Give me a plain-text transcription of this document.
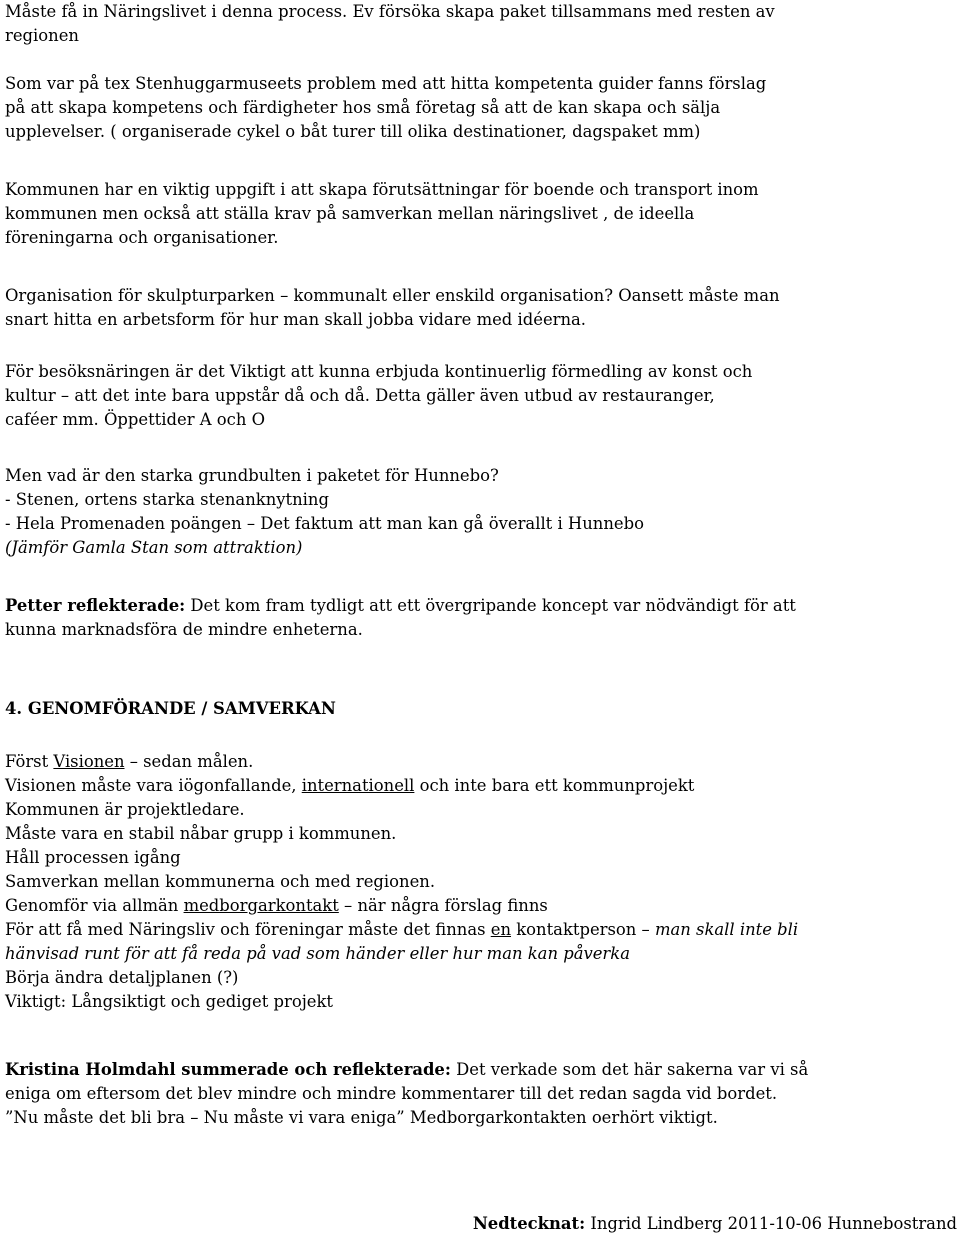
Måste få in Näringslivet i denna process. Ev försöka skapa paket tillsammans med resten av
regionen
Som var på tex Stenhuggarmuseets problem med att hitta kompetenta guider fanns förslag
på att skapa kompetens och färdigheter hos små företag så att de kan skapa och sälja
upplevelser. ( organiserade cykel o båt turer till olika destinationer, dagspaket mm)
Kommunen har en viktig uppgift i att skapa förutsättningar för boende och transport inom
kommunen men också att ställa krav på samverkan mellan näringslivet , de ideella
föreningarna och organisationer.
Organisation för skulpturparken – kommunalt eller enskild organisation? Oansett måste man
snart hitta en arbetsform för hur man skall jobba vidare med idéerna.
För besöksnäringen är det Viktigt att kunna erbjuda kontinuerlig förmedling av konst och
kultur – att det inte bara uppstår då och då. Detta gäller även utbud av restauranger,
caféer mm. Öppettider A och O
Men vad är den starka grundbulten i paketet för Hunnebo?
- Stenen, ortens starka stenanknytning
- Hela Promenaden poängen – Det faktum att man kan gå överallt i Hunnebo
(Jämför Gamla Stan som attraktion)
Petter reflekterade: Det kom fram tydligt att ett övergripande koncept var nödvändigt för att
kunna marknadsföra de mindre enheterna.
4. GENOMFÖRANDE / SAMVERKAN
Först Visionen – sedan målen.
Visionen måste vara iögonfallande, internationell och inte bara ett kommunprojekt
Kommunen är projektledare.
Måste vara en stabil nåbar grupp i kommunen.
Håll processen igång
Samverkan mellan kommunerna och med regionen.
Genomför via allmän medborgarkontakt – när några förslag finns
För att få med Näringsliv och föreningar måste det finnas en kontaktperson – man skall inte bli
hänvisad runt för att få reda på vad som händer eller hur man kan påverka
Börja ändra detaljplanen (?)
Viktigt: Långsiktigt och gediget projekt
Kristina Holmdahl summerade och reflekterade: Det verkade som det här sakerna var vi så
eniga om eftersom det blev mindre och mindre kommentarer till det redan sagda vid bordet.
”Nu måste det bli bra – Nu måste vi vara eniga” Medborgarkontakten oerhört viktigt.
Nedtecknat: Ingrid Lindberg 2011-10-06 Hunnebostrand
